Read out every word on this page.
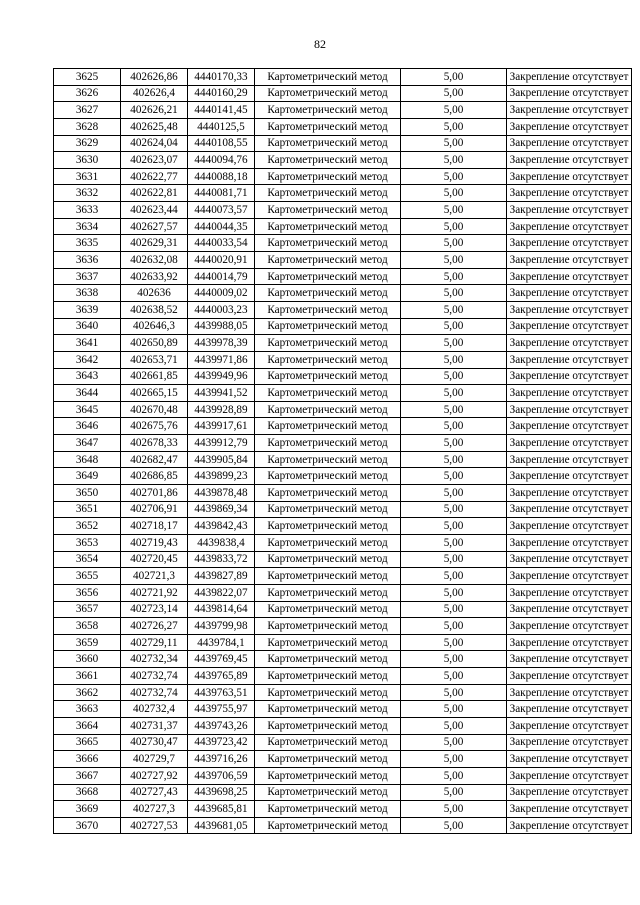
82
3625	402626,86	4440170,33	Картометрический метод	5,00	Закрепление отсутствует
3626	402626,4	4440160,29	Картометрический метод	5,00	Закрепление отсутствует
3627	402626,21	4440141,45	Картометрический метод	5,00	Закрепление отсутствует
3628	402625,48	4440125,5	Картометрический метод	5,00	Закрепление отсутствует
3629	402624,04	4440108,55	Картометрический метод	5,00	Закрепление отсутствует
3630	402623,07	4440094,76	Картометрический метод	5,00	Закрепление отсутствует
3631	402622,77	4440088,18	Картометрический метод	5,00	Закрепление отсутствует
3632	402622,81	4440081,71	Картометрический метод	5,00	Закрепление отсутствует
3633	402623,44	4440073,57	Картометрический метод	5,00	Закрепление отсутствует
3634	402627,57	4440044,35	Картометрический метод	5,00	Закрепление отсутствует
3635	402629,31	4440033,54	Картометрический метод	5,00	Закрепление отсутствует
3636	402632,08	4440020,91	Картометрический метод	5,00	Закрепление отсутствует
3637	402633,92	4440014,79	Картометрический метод	5,00	Закрепление отсутствует
3638	402636	4440009,02	Картометрический метод	5,00	Закрепление отсутствует
3639	402638,52	4440003,23	Картометрический метод	5,00	Закрепление отсутствует
3640	402646,3	4439988,05	Картометрический метод	5,00	Закрепление отсутствует
3641	402650,89	4439978,39	Картометрический метод	5,00	Закрепление отсутствует
3642	402653,71	4439971,86	Картометрический метод	5,00	Закрепление отсутствует
3643	402661,85	4439949,96	Картометрический метод	5,00	Закрепление отсутствует
3644	402665,15	4439941,52	Картометрический метод	5,00	Закрепление отсутствует
3645	402670,48	4439928,89	Картометрический метод	5,00	Закрепление отсутствует
3646	402675,76	4439917,61	Картометрический метод	5,00	Закрепление отсутствует
3647	402678,33	4439912,79	Картометрический метод	5,00	Закрепление отсутствует
3648	402682,47	4439905,84	Картометрический метод	5,00	Закрепление отсутствует
3649	402686,85	4439899,23	Картометрический метод	5,00	Закрепление отсутствует
3650	402701,86	4439878,48	Картометрический метод	5,00	Закрепление отсутствует
3651	402706,91	4439869,34	Картометрический метод	5,00	Закрепление отсутствует
3652	402718,17	4439842,43	Картометрический метод	5,00	Закрепление отсутствует
3653	402719,43	4439838,4	Картометрический метод	5,00	Закрепление отсутствует
3654	402720,45	4439833,72	Картометрический метод	5,00	Закрепление отсутствует
3655	402721,3	4439827,89	Картометрический метод	5,00	Закрепление отсутствует
3656	402721,92	4439822,07	Картометрический метод	5,00	Закрепление отсутствует
3657	402723,14	4439814,64	Картометрический метод	5,00	Закрепление отсутствует
3658	402726,27	4439799,98	Картометрический метод	5,00	Закрепление отсутствует
3659	402729,11	4439784,1	Картометрический метод	5,00	Закрепление отсутствует
3660	402732,34	4439769,45	Картометрический метод	5,00	Закрепление отсутствует
3661	402732,74	4439765,89	Картометрический метод	5,00	Закрепление отсутствует
3662	402732,74	4439763,51	Картометрический метод	5,00	Закрепление отсутствует
3663	402732,4	4439755,97	Картометрический метод	5,00	Закрепление отсутствует
3664	402731,37	4439743,26	Картометрический метод	5,00	Закрепление отсутствует
3665	402730,47	4439723,42	Картометрический метод	5,00	Закрепление отсутствует
3666	402729,7	4439716,26	Картометрический метод	5,00	Закрепление отсутствует
3667	402727,92	4439706,59	Картометрический метод	5,00	Закрепление отсутствует
3668	402727,43	4439698,25	Картометрический метод	5,00	Закрепление отсутствует
3669	402727,3	4439685,81	Картометрический метод	5,00	Закрепление отсутствует
3670	402727,53	4439681,05	Картометрический метод	5,00	Закрепление отсутствует
